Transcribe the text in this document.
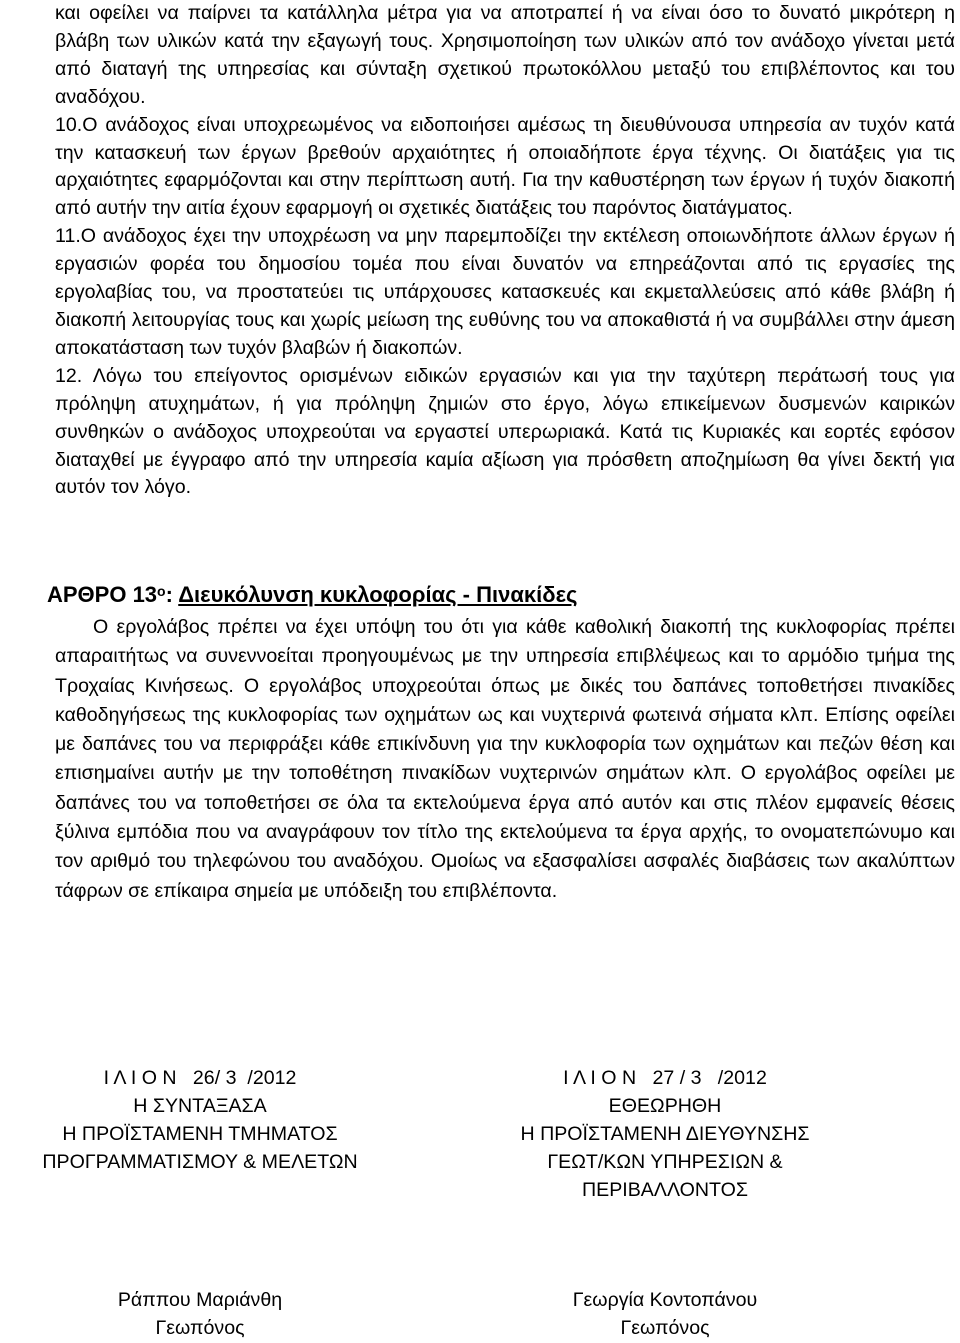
και οφείλει να παίρνει τα κατάλληλα μέτρα για να αποτραπεί ή να είναι όσο το δυνατό μικρότερη η βλάβη των υλικών κατά την εξαγωγή τους. Χρησιμοποίηση των υλικών από τον ανάδοχο γίνεται μετά από διαταγή της υπηρεσίας και σύνταξη σχετικού πρωτοκόλλου μεταξύ του επιβλέποντος και του αναδόχου.

10.Ο ανάδοχος είναι υποχρεωμένος να ειδοποιήσει αμέσως τη διευθύνουσα υπηρεσία αν τυχόν κατά την κατασκευή των έργων βρεθούν αρχαιότητες ή οποιαδήποτε έργα τέχνης. Οι διατάξεις για τις αρχαιότητες εφαρμόζονται και στην περίπτωση αυτή. Για την καθυστέρηση των έργων ή τυχόν διακοπή από αυτήν την αιτία έχουν εφαρμογή οι σχετικές διατάξεις του παρόντος διατάγματος.

11.Ο ανάδοχος έχει την υποχρέωση να μην παρεμποδίζει την εκτέλεση οποιωνδήποτε άλλων έργων ή εργασιών φορέα του δημοσίου τομέα που είναι δυνατόν να επηρεάζονται από τις εργασίες της εργολαβίας του, να προστατεύει τις υπάρχουσες κατασκευές και εκμεταλλεύσεις από κάθε βλάβη ή διακοπή λειτουργίας τους και χωρίς μείωση της ευθύνης του να αποκαθιστά ή να συμβάλλει στην άμεση αποκατάσταση των τυχόν βλαβών ή διακοπών.

12. Λόγω του επείγοντος ορισμένων ειδικών εργασιών και για την ταχύτερη περάτωσή τους για πρόληψη ατυχημάτων, ή για πρόληψη ζημιών στο έργο, λόγω επικείμενων δυσμενών καιρικών συνθηκών ο ανάδοχος υποχρεούται να εργαστεί υπερωριακά. Κατά τις Κυριακές και εορτές εφόσον διαταχθεί με έγγραφο από την υπηρεσία καμία αξίωση για πρόσθετη αποζημίωση θα γίνει δεκτή για αυτόν τον λόγο.

ΑΡΘΡΟ $13^o$: Διευκόλυνση κυκλοφορίας - Πινακίδες

Ο εργολάβος πρέπει να έχει υπόψη του ότι για κάθε καθολική διακοπή της κυκλοφορίας πρέπει απαραιτήτως να συνεννοείται προηγουμένως με την υπηρεσία επιβλέψεως και το αρμόδιο τμήμα της Τροχαίας Κινήσεως. Ο εργολάβος υποχρεούται όπως με δικές του δαπάνες τοποθετήσει πινακίδες καθοδηγήσεως της κυκλοφορίας των οχημάτων ως και νυχτερινά φωτεινά σήματα κλπ. Επίσης οφείλει με δαπάνες του να περιφράξει κάθε επικίνδυνη για την κυκλοφορία των οχημάτων και πεζών θέση και επισημαίνει αυτήν με την τοποθέτηση πινακίδων νυχτερινών σημάτων κλπ. Ο εργολάβος οφείλει με δαπάνες του να τοποθετήσει σε όλα τα εκτελούμενα έργα από αυτόν και στις πλέον εμφανείς θέσεις ξύλινα εμπόδια που να αναγράφουν τον τίτλο της εκτελούμενα τα έργα αρχής, το ονοματεπώνυμο και τον αριθμό του τηλεφώνου του αναδόχου. Ομοίως να εξασφαλίσει ασφαλές διαβάσεις των ακαλύπτων τάφρων σε επίκαιρα σημεία με υπόδειξη του επιβλέποντα.

Ι Λ Ι Ο Ν   26/ 3  /2012
Η ΣΥΝΤΑΞΑΣΑ
Η ΠΡΟΪΣΤΑΜΕΝΗ ΤΜΗΜΑΤΟΣ
ΠΡΟΓΡΑΜΜΑΤΙΣΜΟΥ & ΜΕΛΕΤΩΝ
Ι Λ Ι Ο Ν   27 / 3   /2012
ΕΘΕΩΡΗΘΗ
Η ΠΡΟΪΣΤΑΜΕΝΗ ΔΙΕΥΘΥΝΣΗΣ
ΓΕΩΤ/ΚΩΝ ΥΠΗΡΕΣΙΩΝ &
ΠΕΡΙΒΑΛΛΟΝΤΟΣ
Ράππου Μαριάνθη
Γεωπόνος
Γεωργία Κοντοπάνου
Γεωπόνος
